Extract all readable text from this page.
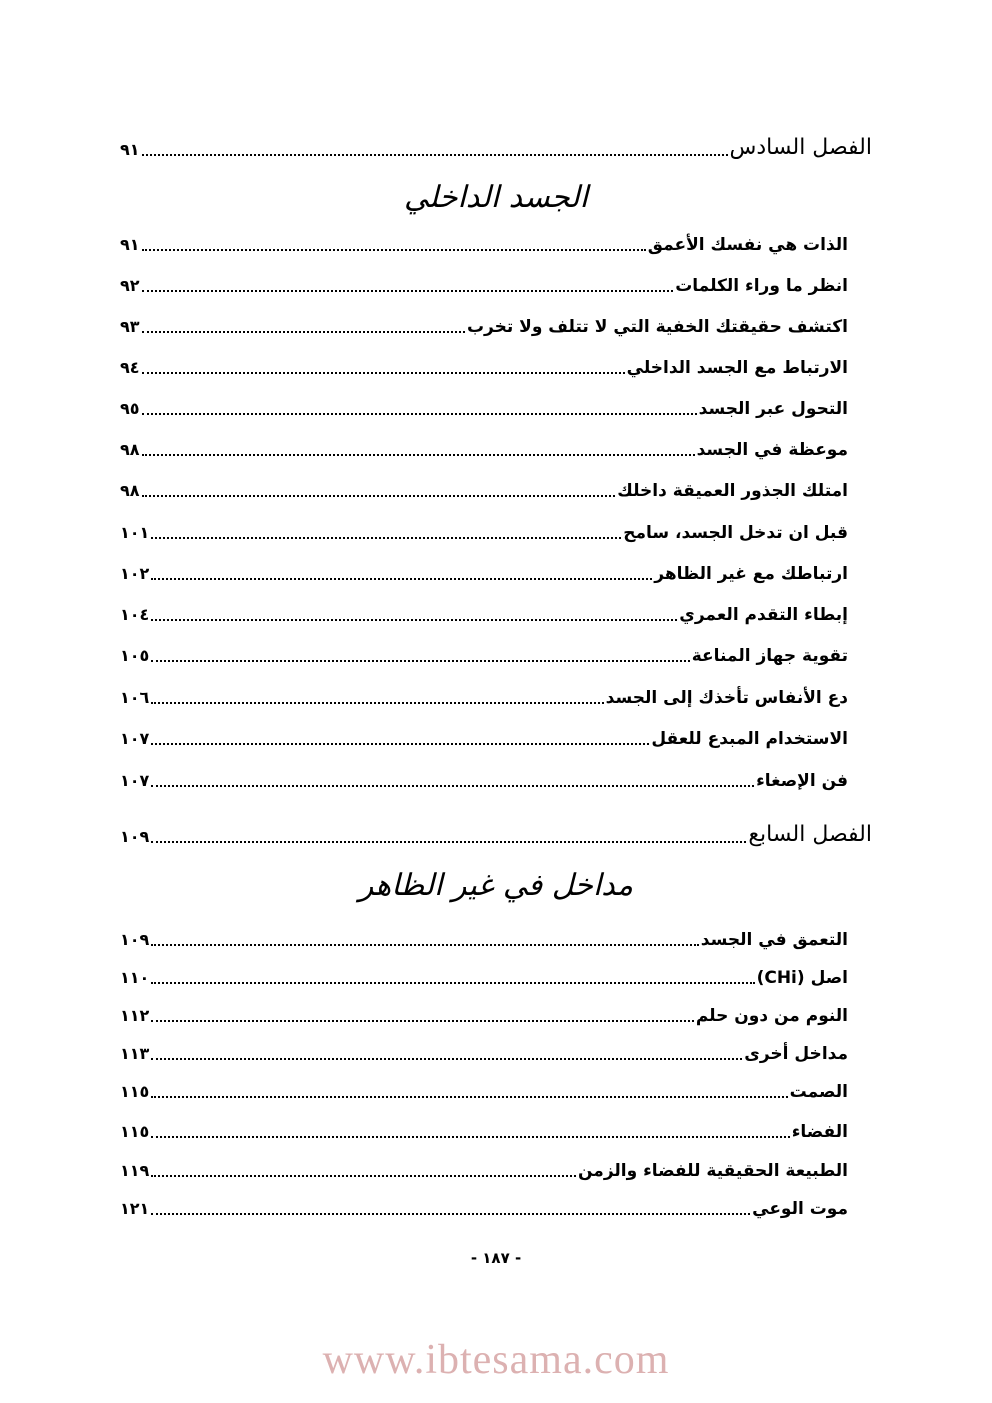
الفصل السادس
٩١
الجسد الداخلي
الذات هي نفسك الأعمق
٩١
انظر ما وراء الكلمات
٩٢
اكتشف حقيقتك الخفية التي لا تتلف ولا تخرب
٩٣
الارتباط مع الجسد الداخلي
٩٤
التحول عبر الجسد
٩٥
موعظة في الجسد
٩٨
امتلك الجذور العميقة داخلك
٩٨
قبل ان تدخل الجسد، سامح
١٠١
ارتباطك مع غير الظاهر
١٠٢
إبطاء التقدم العمري
١٠٤
تقوية جهاز المناعة
١٠٥
دع الأنفاس تأخذك إلى الجسد
١٠٦
الاستخدام المبدع للعقل
١٠٧
فن الإصغاء
١٠٧
الفصل السابع
١٠٩
مداخل في غير الظاهر
التعمق في الجسد
١٠٩
اصل (CHi)
١١٠
النوم من دون حلم
١١٢
مداخل أخرى
١١٣
الصمت
١١٥
الفضاء
١١٥
الطبيعة الحقيقية للفضاء والزمن
١١٩
موت الوعي
١٢١
- ١٨٧ -
www.ibtesama.com
